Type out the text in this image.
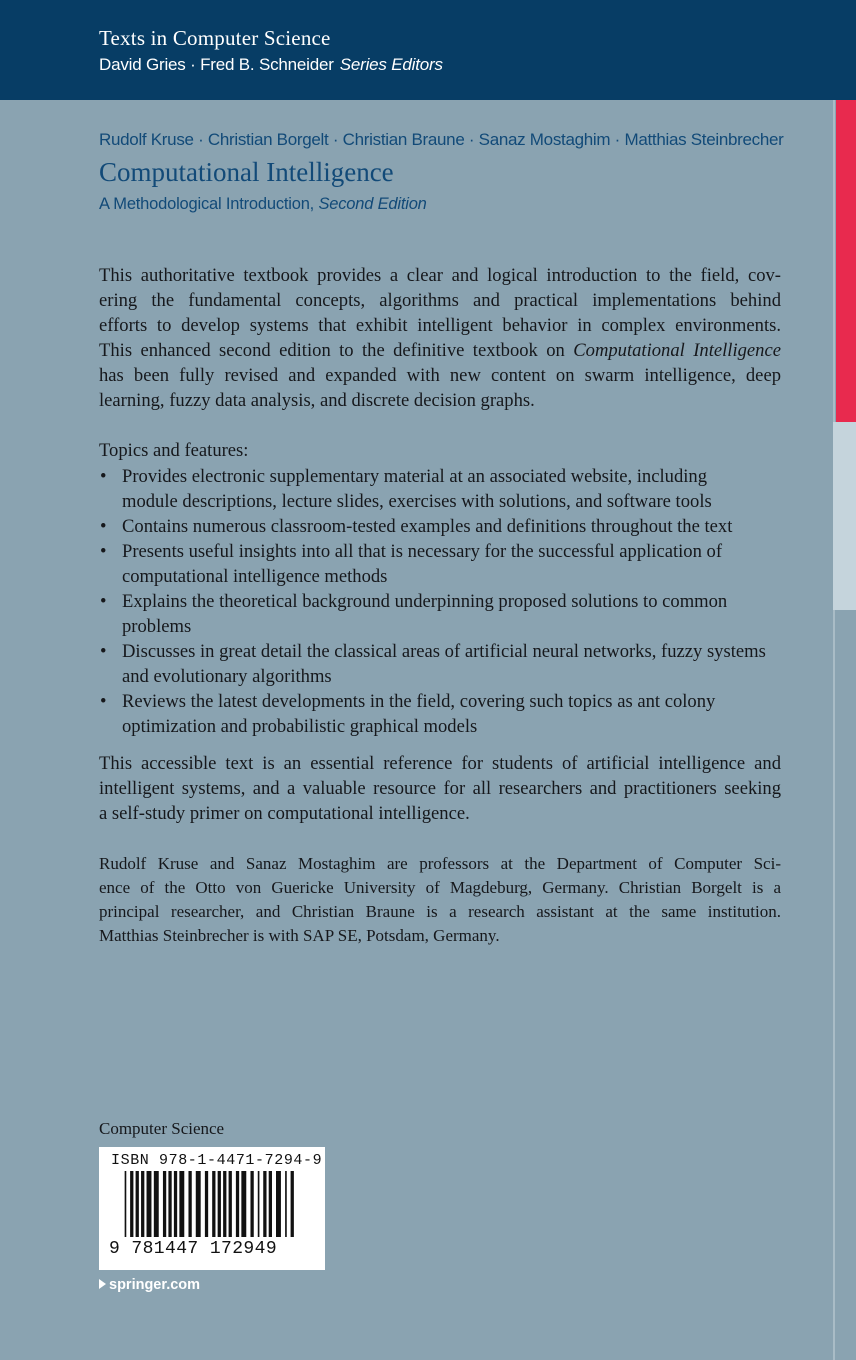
Texts in Computer Science
David Gries · Fred B. Schneider Series Editors
Rudolf Kruse · Christian Borgelt · Christian Braune · Sanaz Mostaghim · Matthias Steinbrecher
Computational Intelligence
A Methodological Introduction, Second Edition
This authoritative textbook provides a clear and logical introduction to the field, cov-
ering the fundamental concepts, algorithms and practical implementations behind
efforts to develop systems that exhibit intelligent behavior in complex environments.
This enhanced second edition to the definitive textbook on Computational Intelligence
has been fully revised and expanded with new content on swarm intelligence, deep
learning, fuzzy data analysis, and discrete decision graphs.
Topics and features:
• Provides electronic supplementary material at an associated website, including
module descriptions, lecture slides, exercises with solutions, and software tools
• Contains numerous classroom-tested examples and definitions throughout the text
• Presents useful insights into all that is necessary for the successful application of
computational intelligence methods
• Explains the theoretical background underpinning proposed solutions to common
problems
• Discusses in great detail the classical areas of artificial neural networks, fuzzy systems
and evolutionary algorithms
• Reviews the latest developments in the field, covering such topics as ant colony
optimization and probabilistic graphical models
This accessible text is an essential reference for students of artificial intelligence and
intelligent systems, and a valuable resource for all researchers and practitioners seeking
a self-study primer on computational intelligence.
Rudolf Kruse and Sanaz Mostaghim are professors at the Department of Computer Sci-
ence of the Otto von Guericke University of Magdeburg, Germany. Christian Borgelt is a
principal researcher, and Christian Braune is a research assistant at the same institution.
Matthias Steinbrecher is with SAP SE, Potsdam, Germany.
Computer Science
ISBN 978-1-4471-7294-9
9 781447 172949
springer.com
